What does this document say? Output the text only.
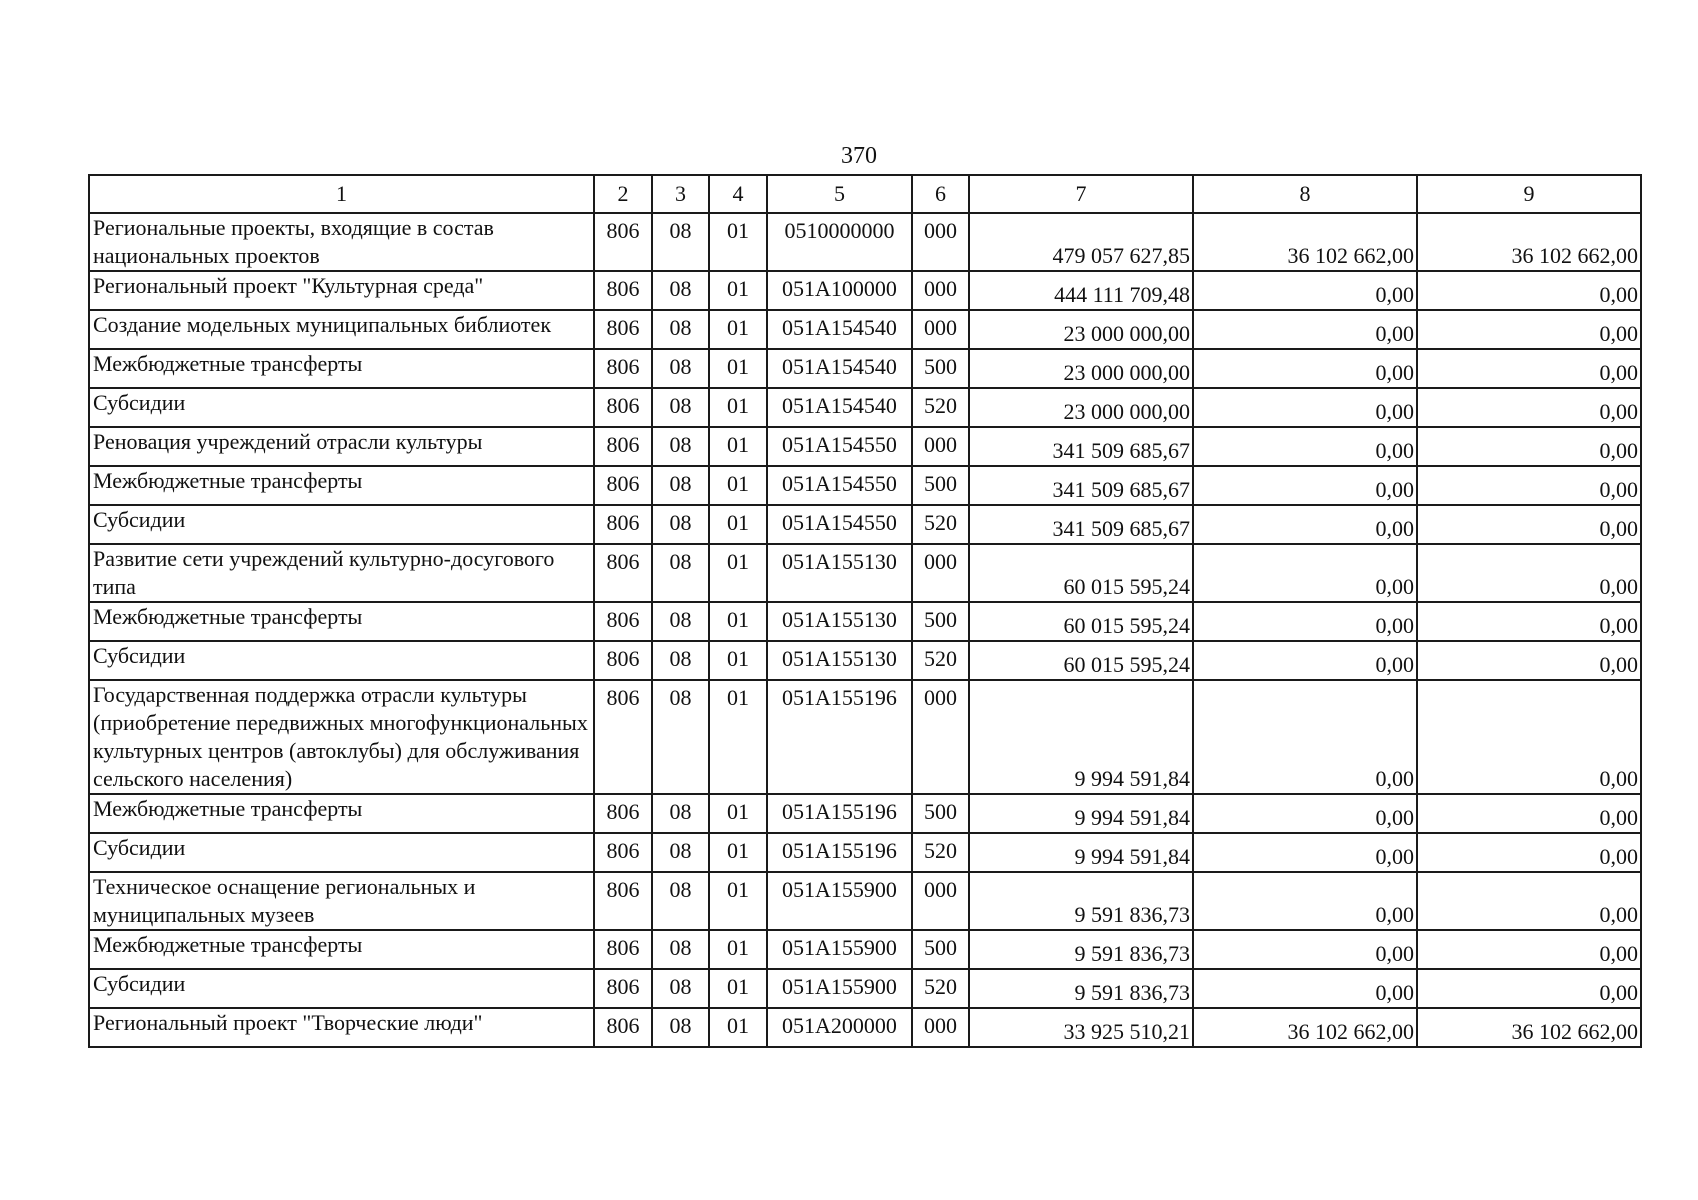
370
1	2	3	4	5	6	7	8	9
Региональные проекты, входящие в состав национальных проектов	806	08	01	0510000000	000	479 057 627,85	36 102 662,00	36 102 662,00
Региональный проект "Культурная среда"	806	08	01	051A100000	000	444 111 709,48	0,00	0,00
Создание модельных муниципальных библиотек	806	08	01	051A154540	000	23 000 000,00	0,00	0,00
Межбюджетные трансферты	806	08	01	051A154540	500	23 000 000,00	0,00	0,00
Субсидии	806	08	01	051A154540	520	23 000 000,00	0,00	0,00
Реновация учреждений отрасли культуры	806	08	01	051A154550	000	341 509 685,67	0,00	0,00
Межбюджетные трансферты	806	08	01	051A154550	500	341 509 685,67	0,00	0,00
Субсидии	806	08	01	051A154550	520	341 509 685,67	0,00	0,00
Развитие сети учреждений культурно-досугового типа	806	08	01	051A155130	000	60 015 595,24	0,00	0,00
Межбюджетные трансферты	806	08	01	051A155130	500	60 015 595,24	0,00	0,00
Субсидии	806	08	01	051A155130	520	60 015 595,24	0,00	0,00
Государственная поддержка отрасли культуры (приобретение передвижных многофункциональных культурных центров (автоклубы) для обслуживания сельского населения)	806	08	01	051A155196	000	9 994 591,84	0,00	0,00
Межбюджетные трансферты	806	08	01	051A155196	500	9 994 591,84	0,00	0,00
Субсидии	806	08	01	051A155196	520	9 994 591,84	0,00	0,00
Техническое оснащение региональных и муниципальных музеев	806	08	01	051A155900	000	9 591 836,73	0,00	0,00
Межбюджетные трансферты	806	08	01	051A155900	500	9 591 836,73	0,00	0,00
Субсидии	806	08	01	051A155900	520	9 591 836,73	0,00	0,00
Региональный проект "Творческие люди"	806	08	01	051A200000	000	33 925 510,21	36 102 662,00	36 102 662,00
